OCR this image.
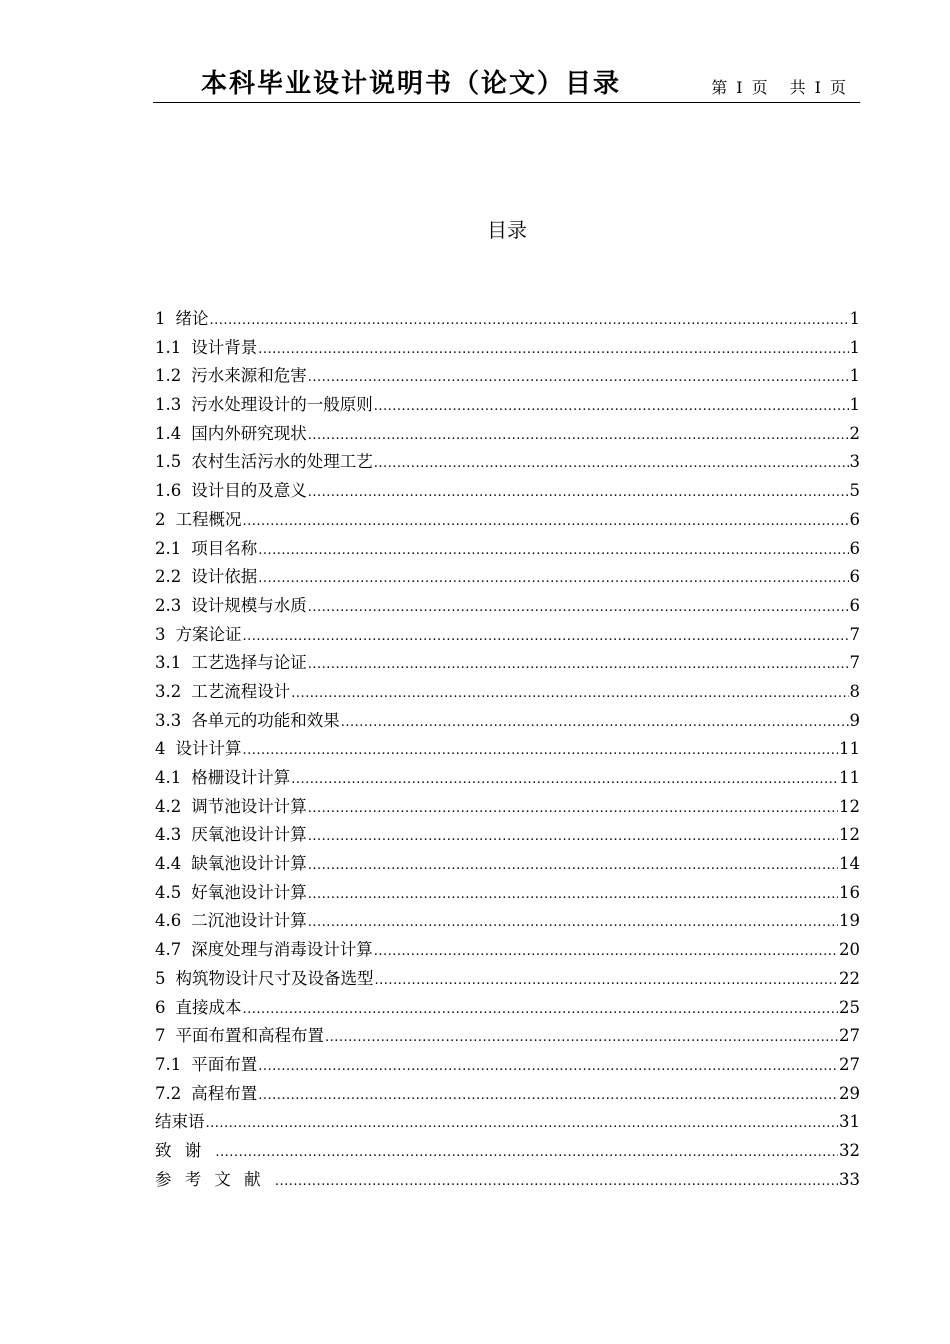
本科毕业设计说明书（论文）目录	第 I 页 共 I 页
目录
1 绪论 .....	1
1.1 设计背景 .....	1
1.2 污水来源和危害 .....	1
1.3 污水处理设计的一般原则 .....	1
1.4 国内外研究现状 .....	2
1.5 农村生活污水的处理工艺 .....	3
1.6 设计目的及意义 .....	5
2 工程概况 .....	6
2.1 项目名称 .....	6
2.2 设计依据 .....	6
2.3 设计规模与水质 .....	6
3 方案论证 .....	7
3.1 工艺选择与论证 .....	7
3.2 工艺流程设计 .....	8
3.3 各单元的功能和效果 .....	9
4 设计计算 .....	11
4.1 格栅设计计算 .....	11
4.2 调节池设计计算 .....	12
4.3 厌氧池设计计算 .....	12
4.4 缺氧池设计计算 .....	14
4.5 好氧池设计计算 .....	16
4.6 二沉池设计计算 .....	19
4.7 深度处理与消毒设计计算 .....	20
5 构筑物设计尺寸及设备选型 .....	22
6 直接成本 .....	25
7 平面布置和高程布置 .....	27
7.1 平面布置 .....	27
7.2 高程布置 .....	29
结束语 .....	31
致谢 .....	32
参考文献 .....	33
